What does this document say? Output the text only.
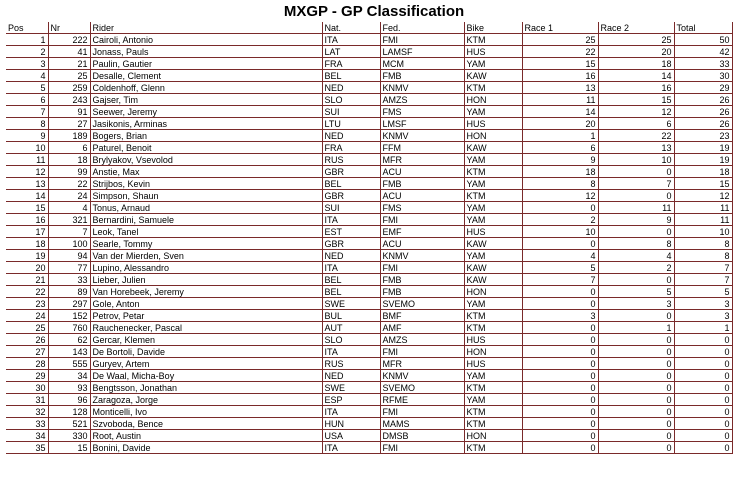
MXGP - GP Classification
Pos	Nr	Rider	Nat.	Fed.	Bike	Race 1	Race 2	Total
1	222	Cairoli, Antonio	ITA	FMI	KTM	25	25	50
2	41	Jonass, Pauls	LAT	LAMSF	HUS	22	20	42
3	21	Paulin, Gautier	FRA	MCM	YAM	15	18	33
4	25	Desalle, Clement	BEL	FMB	KAW	16	14	30
5	259	Coldenhoff, Glenn	NED	KNMV	KTM	13	16	29
6	243	Gajser, Tim	SLO	AMZS	HON	11	15	26
7	91	Seewer, Jeremy	SUI	FMS	YAM	14	12	26
8	27	Jasikonis, Arminas	LTU	LMSF	HUS	20	6	26
9	189	Bogers, Brian	NED	KNMV	HON	1	22	23
10	6	Paturel, Benoit	FRA	FFM	KAW	6	13	19
11	18	Brylyakov, Vsevolod	RUS	MFR	YAM	9	10	19
12	99	Anstie, Max	GBR	ACU	KTM	18	0	18
13	22	Strijbos, Kevin	BEL	FMB	YAM	8	7	15
14	24	Simpson, Shaun	GBR	ACU	KTM	12	0	12
15	4	Tonus, Arnaud	SUI	FMS	YAM	0	11	11
16	321	Bernardini, Samuele	ITA	FMI	YAM	2	9	11
17	7	Leok, Tanel	EST	EMF	HUS	10	0	10
18	100	Searle, Tommy	GBR	ACU	KAW	0	8	8
19	94	Van der Mierden, Sven	NED	KNMV	YAM	4	4	8
20	77	Lupino, Alessandro	ITA	FMI	KAW	5	2	7
21	33	Lieber, Julien	BEL	FMB	KAW	7	0	7
22	89	Van Horebeek, Jeremy	BEL	FMB	HON	0	5	5
23	297	Gole, Anton	SWE	SVEMO	YAM	0	3	3
24	152	Petrov, Petar	BUL	BMF	KTM	3	0	3
25	760	Rauchenecker, Pascal	AUT	AMF	KTM	0	1	1
26	62	Gercar, Klemen	SLO	AMZS	HUS	0	0	0
27	143	De Bortoli, Davide	ITA	FMI	HON	0	0	0
28	555	Guryev, Artem	RUS	MFR	HUS	0	0	0
29	34	De Waal, Micha-Boy	NED	KNMV	YAM	0	0	0
30	93	Bengtsson, Jonathan	SWE	SVEMO	KTM	0	0	0
31	96	Zaragoza, Jorge	ESP	RFME	YAM	0	0	0
32	128	Monticelli, Ivo	ITA	FMI	KTM	0	0	0
33	521	Szvoboda, Bence	HUN	MAMS	KTM	0	0	0
34	330	Root, Austin	USA	DMSB	HON	0	0	0
35	15	Bonini, Davide	ITA	FMI	KTM	0	0	0
